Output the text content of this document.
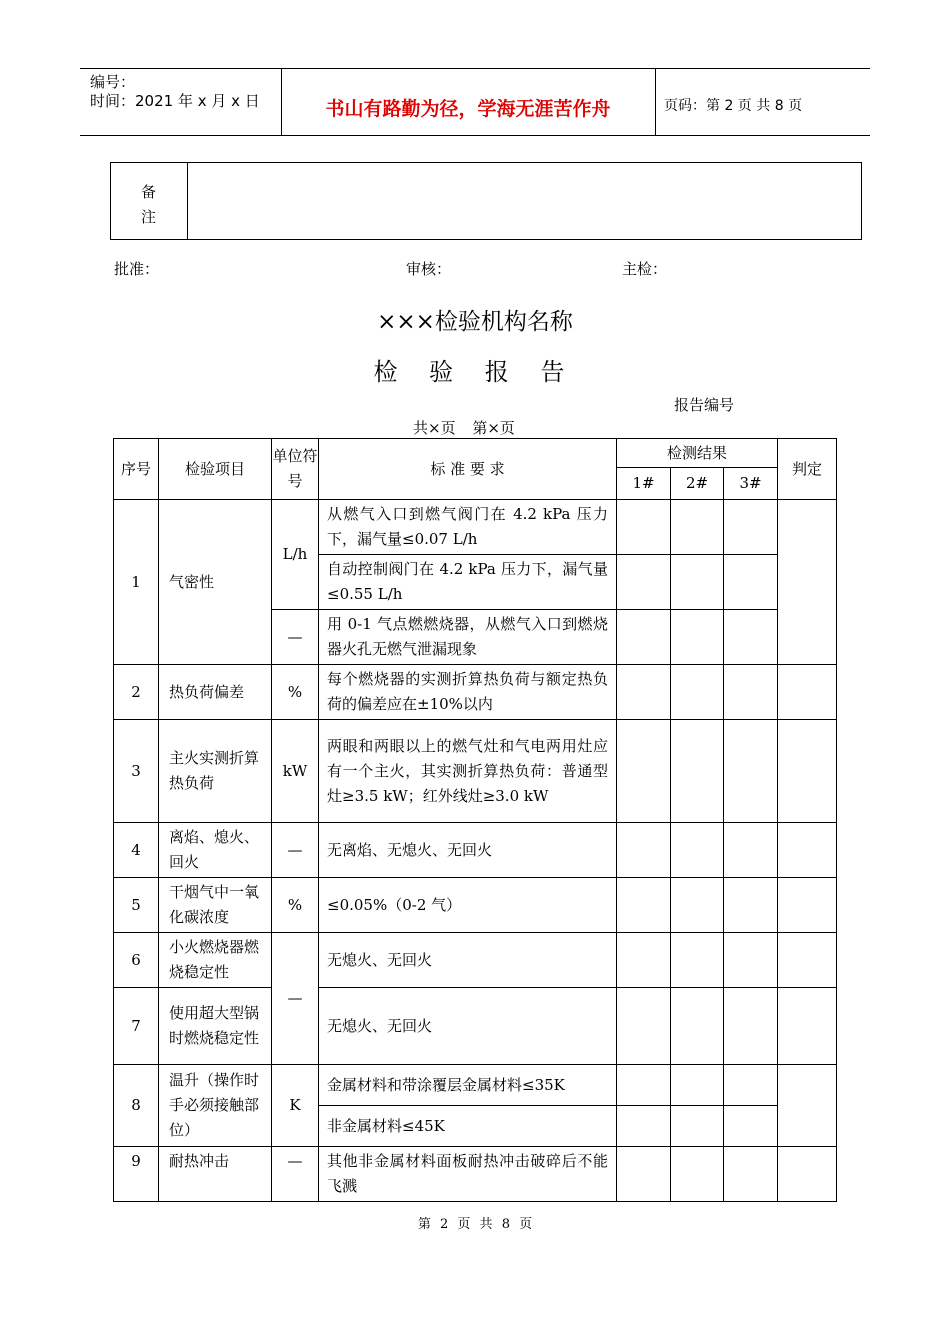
编号：
时间：2021 年 x 月 x 日	书山有路勤为径，学海无涯苦作舟	页码：第 2 页 共 8 页
备
注
批准：	审核：	主检：
×××检验机构名称
检 验 报 告
报告编号
共×页 第×页
序号	检验项目	单位符号	标 准 要 求	检测结果			判定
				1#	2#	3#	
1	气密性	L/h	从燃气入口到燃气阀门在 4.2 kPa 压力下，漏气量≤0.07 L/h				
			自动控制阀门在 4.2 kPa 压力下，漏气量 ≤0.55 L/h				
		—	用 0-1 气点燃燃烧器，从燃气入口到燃烧器火孔无燃气泄漏现象				
2	热负荷偏差	%	每个燃烧器的实测折算热负荷与额定热负荷的偏差应在±10%以内				
3	主火实测折算热负荷	kW	两眼和两眼以上的燃气灶和气电两用灶应有一个主火，其实测折算热负荷：普通型灶≥3.5 kW；红外线灶≥3.0 kW				
4	离焰、熄火、回火	—	无离焰、无熄火、无回火				
5	干烟气中一氧化碳浓度	%	≤0.05%（0-2 气）				
6	小火燃烧器燃烧稳定性	—	无熄火、无回火				
7	使用超大型锅时燃烧稳定性		无熄火、无回火				
8	温升（操作时手必须接触部位）	K	金属材料和带涂覆层金属材料≤35K				
			非金属材料≤45K				
9	耐热冲击	—	其他非金属材料面板耐热冲击破碎后不能飞溅				
第 2 页 共 8 页
